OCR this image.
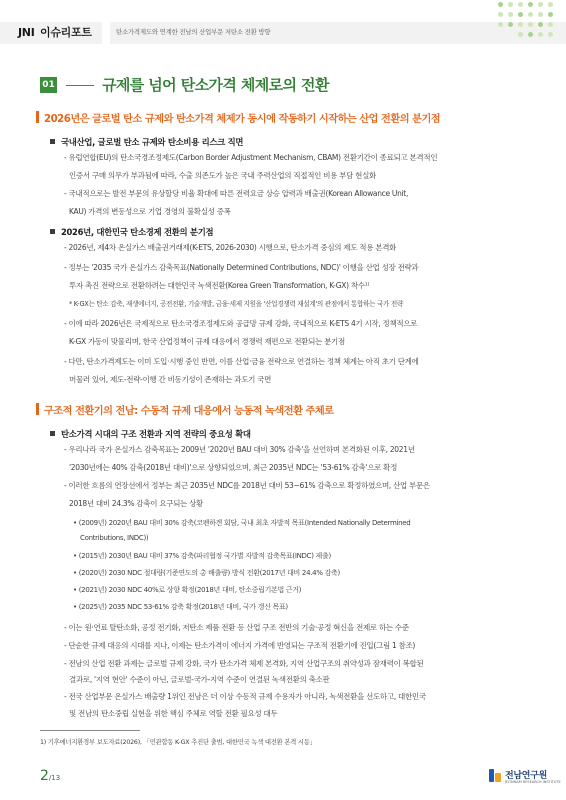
JNI 이슈리포트	탄소가격제도와 연계한 전남의 산업부문 저탄소 전환 방향
01	규제를 넘어 탄소가격 체제로의 전환
2026년은 글로벌 탄소 규제와 탄소가격 체제가 동시에 작동하기 시작하는 산업 전환의 분기점
국내산업, 글로벌 탄소 규제와 탄소비용 리스크 직면
- 유럽연합(EU)의 탄소국경조정제도(Carbon Border Adjustment Mechanism, CBAM) 전환기간이 종료되고 본격적인
인증서 구매 의무가 부과됨에 따라, 수출 의존도가 높은 국내 주력산업의 직접적인 비용 부담 현실화
- 국내적으로는 발전 부문의 유상할당 비율 확대에 따른 전력요금 상승 압력과 배출권(Korean Allowance Unit,
KAU) 가격의 변동성으로 기업 경영의 불확실성 증폭
2026년, 대한민국 탄소경제 전환의 분기점
- 2026년, 제4차 온실가스 배출권거래제(K-ETS, 2026-2030) 시행으로, 탄소가격 중심의 제도 적용 본격화
- 정부는 '2035 국가 온실가스 감축목표(Nationally Determined Contributions, NDC)' 이행을 산업 성장 전략과
투자 촉진 전략으로 전환하려는 대한민국 녹색전환(Korea Green Transformation, K-GX) 착수¹⁾
* K-GX는 탄소 감축, 재생에너지, 공전전환, 기술개발, 금융·세제 지원을 '산업경쟁력 재설계'의 관점에서 통합하는 국가 전략
- 이에 따라 2026년은 국제적으로 탄소국경조정제도와 공급망 규제 강화, 국내적으로 K-ETS 4기 시작, 정책적으로
K-GX 가동이 맞물리며, 한국 산업정책이 규제 대응에서 경쟁력 재편으로 전환되는 분기점
- 다만, 탄소가격제도는 이미 도입·시행 중인 반면, 이를 산업·금융 전략으로 연결하는 정책 체계는 아직 초기 단계에
머물러 있어, 제도-전략-이행 간 비동기성이 존재하는 과도기 국면
구조적 전환기의 전남: 수동적 규제 대응에서 능동적 녹색전환 주체로
탄소가격 시대의 구조 전환과 지역 전략의 중요성 확대
- 우리나라 국가 온실가스 감축목표는 2009년 '2020년 BAU 대비 30% 감축'을 선언하며 본격화된 이후, 2021년
'2030년에는 40% 감축(2018년 대비)'으로 상향되었으며, 최근 2035년 NDC는 '53-61% 감축'으로 확정
- 이러한 흐름의 연장선에서 정부는 최근 2035년 NDC를 2018년 대비 53~61% 감축으로 확정하였으며, 산업 부문은
2018년 대비 24.3% 감축이 요구되는 상황
• (2009년) 2020년 BAU 대비 30% 감축(코펜하겐 회담, 국내 최초 자발적 목표(Intended Nationally Determined
Contributions, INDC))
• (2015년) 2030년 BAU 대비 37% 감축(파리협정 국가별 자발적 감축목표(INDC) 제출)
• (2020년) 2030 NDC 절대량(기준연도의 총 배출량) 방식 전환(2017년 대비 24.4% 감축)
• (2021년) 2030 NDC 40%로 상향 확정(2018년 대비, 탄소중립기본법 근거)
• (2025년) 2035 NDC 53-61% 감축 확정(2018년 대비, 국가 갱신 목표)
- 이는 원·연료 탈탄소화, 공정 전기화, 저탄소 제품 전환 등 산업 구조 전반의 기술·공정 혁신을 전제로 하는 수준
- 단순한 규제 대응의 시대를 지나, 이제는 탄소가격이 에너지 가격에 반영되는 구조적 전환기에 진입(그림 1 참조)
- 전남의 산업 전환 과제는 글로벌 규제 강화, 국가 탄소가격 체제 본격화, 지역 산업구조의 취약성과 잠재력이 복합된
결과로, '지역 현안' 수준이 아닌, 글로벌-국가-지역 수준이 연결된 녹색전환의 축소판
- 전국 산업부문 온실가스 배출량 1위인 전남은 더 이상 수동적 규제 수용자가 아니라, 녹색전환을 선도하고, 대한민국
및 전남의 탄소중립 실현을 위한 핵심 주체로 역할 전환 필요성 대두
1) 기후에너지환경부 보도자료(2026), 「민관합동 K-GX 추진단 출범, 대한민국 녹색 대전환 본격 시동」
2/13	전남연구원
JEONNAM RESEARCH INSTITUTE
